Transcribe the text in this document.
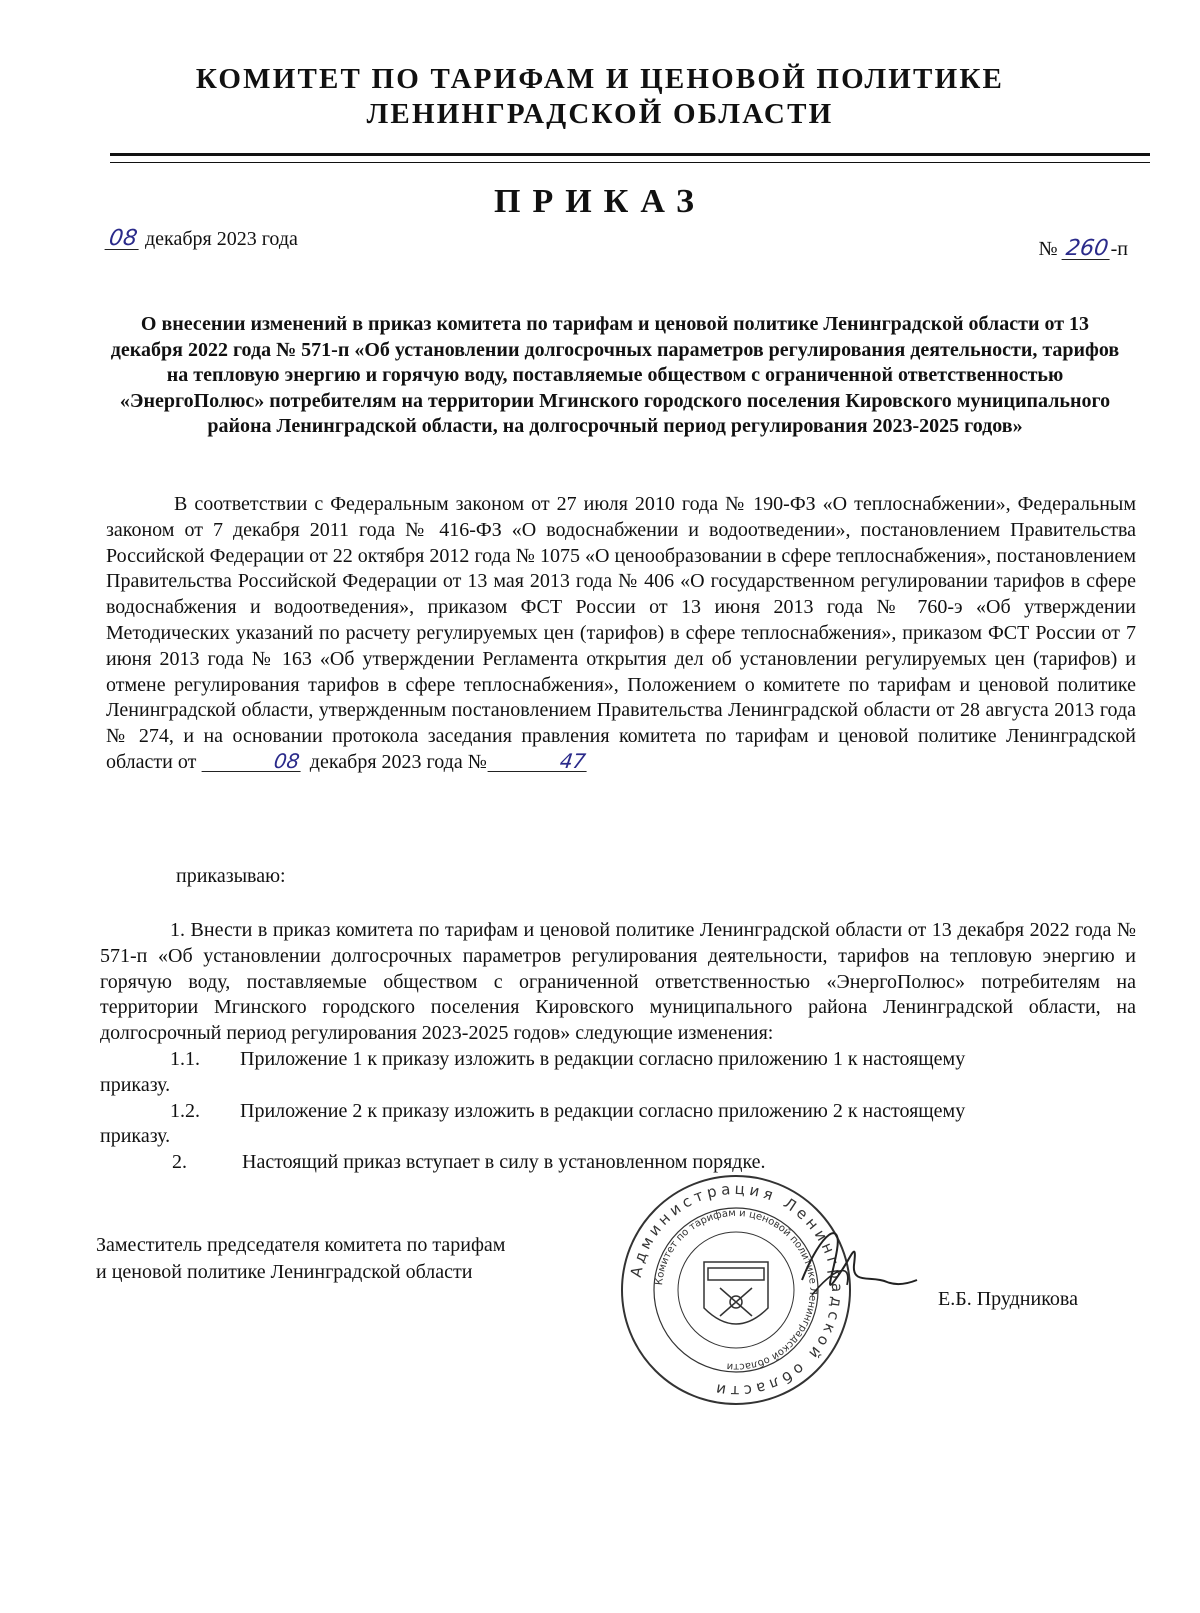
КОМИТЕТ ПО ТАРИФАМ И ЦЕНОВОЙ ПОЛИТИКЕ
ЛЕНИНГРАДСКОЙ ОБЛАСТИ
ПРИКАЗ
08 декабря 2023 года	№ 260-п
О внесении изменений в приказ комитета по тарифам и ценовой политике Ленинградской области от 13 декабря 2022 года № 571-п «Об установлении долгосрочных параметров регулирования деятельности, тарифов на тепловую энергию и горячую воду, поставляемые обществом с ограниченной ответственностью «ЭнергоПолюс» потребителям на территории Мгинского городского поселения Кировского муниципального района Ленинградской области, на долгосрочный период регулирования 2023-2025 годов»
В соответствии с Федеральным законом от 27 июля 2010 года № 190-ФЗ «О теплоснабжении», Федеральным законом от 7 декабря 2011 года № 416-ФЗ «О водоснабжении и водоотведении», постановлением Правительства Российской Федерации от 22 октября 2012 года № 1075 «О ценообразовании в сфере теплоснабжения», постановлением Правительства Российской Федерации от 13 мая 2013 года № 406 «О государственном регулировании тарифов в сфере водоснабжения и водоотведения», приказом ФСТ России от 13 июня 2013 года № 760-э «Об утверждении Методических указаний по расчету регулируемых цен (тарифов) в сфере теплоснабжения», приказом ФСТ России от 7 июня 2013 года № 163 «Об утверждении Регламента открытия дел об установлении регулируемых цен (тарифов) и отмене регулирования тарифов в сфере теплоснабжения», Положением о комитете по тарифам и ценовой политике Ленинградской области, утвержденным постановлением Правительства Ленинградской области от 28 августа 2013 года № 274, и на основании протокола заседания правления комитета по тарифам и ценовой политике Ленинградской области от	08 декабря 2023 года №	47
приказываю:
1. Внести в приказ комитета по тарифам и ценовой политике Ленинградской области от 13 декабря 2022 года № 571-п «Об установлении долгосрочных параметров регулирования деятельности, тарифов на тепловую энергию и горячую воду, поставляемые обществом с ограниченной ответственностью «ЭнергоПолюс» потребителям на территории Мгинского городского поселения Кировского муниципального района Ленинградской области, на долгосрочный период регулирования 2023-2025 годов» следующие изменения:
1.1.	Приложение 1 к приказу изложить в редакции согласно приложению 1 к настоящему
приказу.
1.2.	Приложение 2 к приказу изложить в редакции согласно приложению 2 к настоящему
приказу.
2.	Настоящий приказ вступает в силу в установленном порядке.
Заместитель председателя комитета по тарифам
и ценовой политике Ленинградской области	Администрация Ленинградской области
Комитет по тарифам и ценовой политике Ленинградской области
Е.Б. Прудникова
